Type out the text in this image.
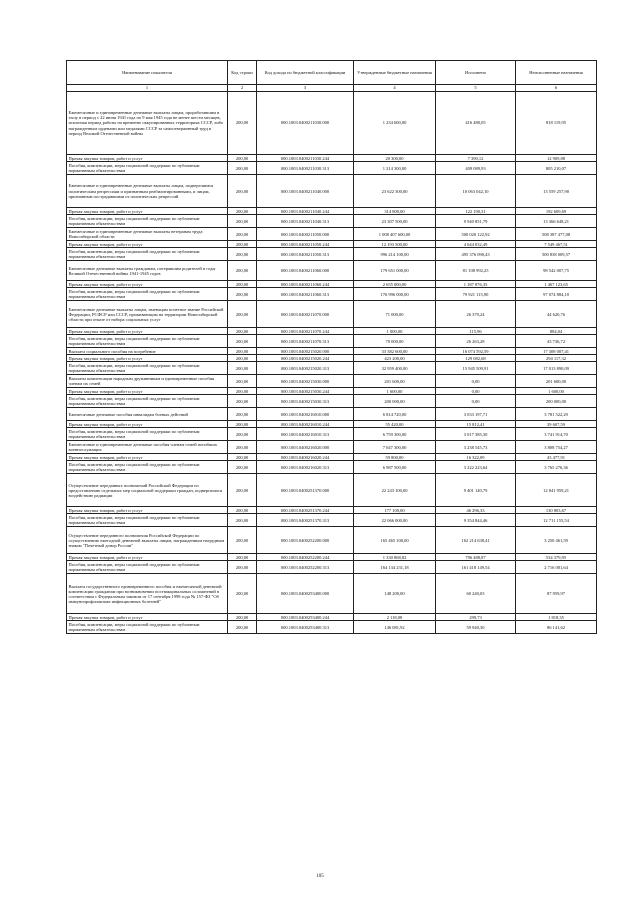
Наименование показателя	Код строки	Код дохода по бюджетной классификации	Утвержденные бюджетные назначения	Исполнено	Неисполненные назначения
1	2	3	4	5	6
Ежемесячные и единовременные денежные выплаты лицам, проработавшим в тылу в период с 22 июня 1941 года по 9 мая 1945 года не менее шести месяцев, исключая период работы на временно оккупированных территориях СССР, либо награжденным орденами или медалями СССР за самоотверженный труд в период Великой Отечественной войны	200,00	000.1003.0400211030.000	1 234 600,00	416 480,05	818 119,95
Прочая закупка товаров, работ и услуг	200,00	000.1003.0400211030.244	20 300,00	7 390,12	12 909,88
Пособия, компенсации, меры социальной поддержки по публичным нормативным обязательствам	200,00	000.1003.0400211030.313	1 214 300,00	409 089,93	805 210,07
Ежемесячные и единовременные денежные выплаты лицам, подвергшимся политическим репрессиям и признанным реабилитированными, и лицам, признанным пострадавшими от политических репрессий	200,00	000.1003.0400211040.000	23 622 300,00	10 063 042,10	13 559 257,90
Прочая закупка товаров, работ и услуг	200,00	000.1003.0400211040.244	314 800,00	122 190,31	192 609,69
Пособия, компенсации, меры социальной поддержки по публичным нормативным обязательствам	200,00	000.1003.0400211040.313	23 307 500,00	9 940 851,79	13 366 648,21
Ежемесячные и единовременные денежные выплаты ветеранам труда Новосибирской области	200,00	000.1003.0400211050.000	1 008 407 600,00	500 020 122,92	508 387 477,08
Прочая закупка товаров, работ и услуг	200,00	000.1003.0400211050.244	12 193 500,00	4 644 032,49	7 549 467,51
Пособия, компенсации, меры социальной поддержки по публичным нормативным обязательствам	200,00	000.1003.0400211050.313	996 214 100,00	495 376 090,43	500 838 009,57
Ежемесячные денежные выплаты гражданам, потерявшим родителей в годы Великой Отечественной войны 1941-1945 годов	200,00	000.1003.0400211060.000	179 651 000,00	81 108 992,25	98 542 007,75
Прочая закупка товаров, работ и услуг	200,00	000.1003.0400211060.244	2 655 000,00	1 187 876,35	1 467 123,65
Пособия, компенсации, меры социальной поддержки по публичным нормативным обязательствам	200,00	000.1003.0400211060.313	176 996 000,00	79 921 115,90	97 074 884,10
Ежемесячные денежные выплаты лицам, имеющим почетное звание Российской Федерации, РСФСР или СССР, проживающим на территории Новосибирской области при отказе от набора социальных услуг	200,00	000.1003.0400211070.000	71 000,00	26 379,24	44 620,76
Прочая закупка товаров, работ и услуг	200,00	000.1003.0400211070.244	1 000,00	115,96	884,04
Пособия, компенсации, меры социальной поддержки по публичным нормативным обязательствам	200,00	000.1003.0400211070.313	70 000,00	26 263,28	43 736,72
Выплата социального пособия на погребение	200,00	000.1003.0400215020.000	33 382 600,00	16 074 592,59	17 308 007,41
Прочая закупка товаров, работ и услуг	200,00	000.1003.0400215020.244	423 200,00	129 082,68	294 117,32
Пособия, компенсации, меры социальной поддержки по публичным нормативным обязательствам	200,00	000.1003.0400215020.313	32 959 400,00	15 945 509,91	17 013 890,09
Выплаты компенсации народным дружинникам и единовременные пособия членам их семей	200,00	000.1003.0400215030.000	201 600,00	0,00	201 600,00
Прочая закупка товаров, работ и услуг	200,00	000.1003.0400215030.244	1 600,00	0,00	1 600,00
Пособия, компенсации, меры социальной поддержки по публичным нормативным обязательствам	200,00	000.1003.0400215030.313	200 000,00	0,00	200 000,00
Ежемесячные денежные пособия инвалидам боевых действий	200,00	000.1003.0400216010.000	6 814 720,00	3 033 197,71	3 781 522,29
Прочая закупка товаров, работ и услуг	200,00	000.1003.0400216010.244	55 420,00	15 812,41	39 607,59
Пособия, компенсации, меры социальной поддержки по публичным нормативным обязательствам	200,00	000.1003.0400216010.313	6 759 300,00	3 017 385,30	3 741 914,70
Ежемесячные и единовременные денежные пособия членам семей погибших военнослужащих	200,00	000.1003.0400216020.000	7 047 300,00	3 238 545,73	3 808 754,27
Прочая закупка товаров, работ и услуг	200,00	000.1003.0400216020.244	59 800,00	16 322,09	43 477,91
Пособия, компенсации, меры социальной поддержки по публичным нормативным обязательствам	200,00	000.1003.0400216020.313	6 987 500,00	3 222 223,64	3 765 276,36
Осуществление переданных полномочий Российской Федерации по предоставлению отдельных мер социальной поддержки граждан, подвергшихся воздействию радиации	200,00	000.1003.0400251370.000	22 243 100,00	9 401 140,79	12 841 959,21
Прочая закупка товаров, работ и услуг	200,00	000.1003.0400251370.244	177 100,00	46 296,33	130 803,67
Пособия, компенсации, меры социальной поддержки по публичным нормативным обязательствам	200,00	000.1003.0400251370.313	22 066 000,00	9 354 844,46	12 711 155,54
Осуществление переданного полномочия Российской Федерации по осуществлению ежегодной денежной выплаты лицам, награжденным нагрудным знаком "Почетный донор России"	200,00	000.1003.0400252200.000	165 465 100,00	162 214 638,41	3 250 461,59
Прочая закупка товаров, работ и услуг	200,00	000.1003.0400252200.244	1 330 868,82	796 488,87	534 379,95
Пособия, компенсации, меры социальной поддержки по публичным нормативным обязательствам	200,00	000.1003.0400252200.313	164 134 231,18	161 418 149,54	2 716 081,64
Выплата государственного единовременного пособия и ежемесячной денежной компенсации гражданам при возникновении поствакцинальных осложнений в соответствии с Федеральным законом от 17 сентября 1998 года № 157-ФЗ "Об иммунопрофилактике инфекционных болезней"	200,00	000.1003.0400253400.000	148 200,00	60 240,03	87 959,97
Прочая закупка товаров, работ и услуг	200,00	000.1003.0400253400.244	2 118,08	299,73	1 818,35
Пособия, компенсации, меры социальной поддержки по публичным нормативным обязательствам	200,00	000.1003.0400253400.313	146 081,92	59 940,30	86 141,62
105
